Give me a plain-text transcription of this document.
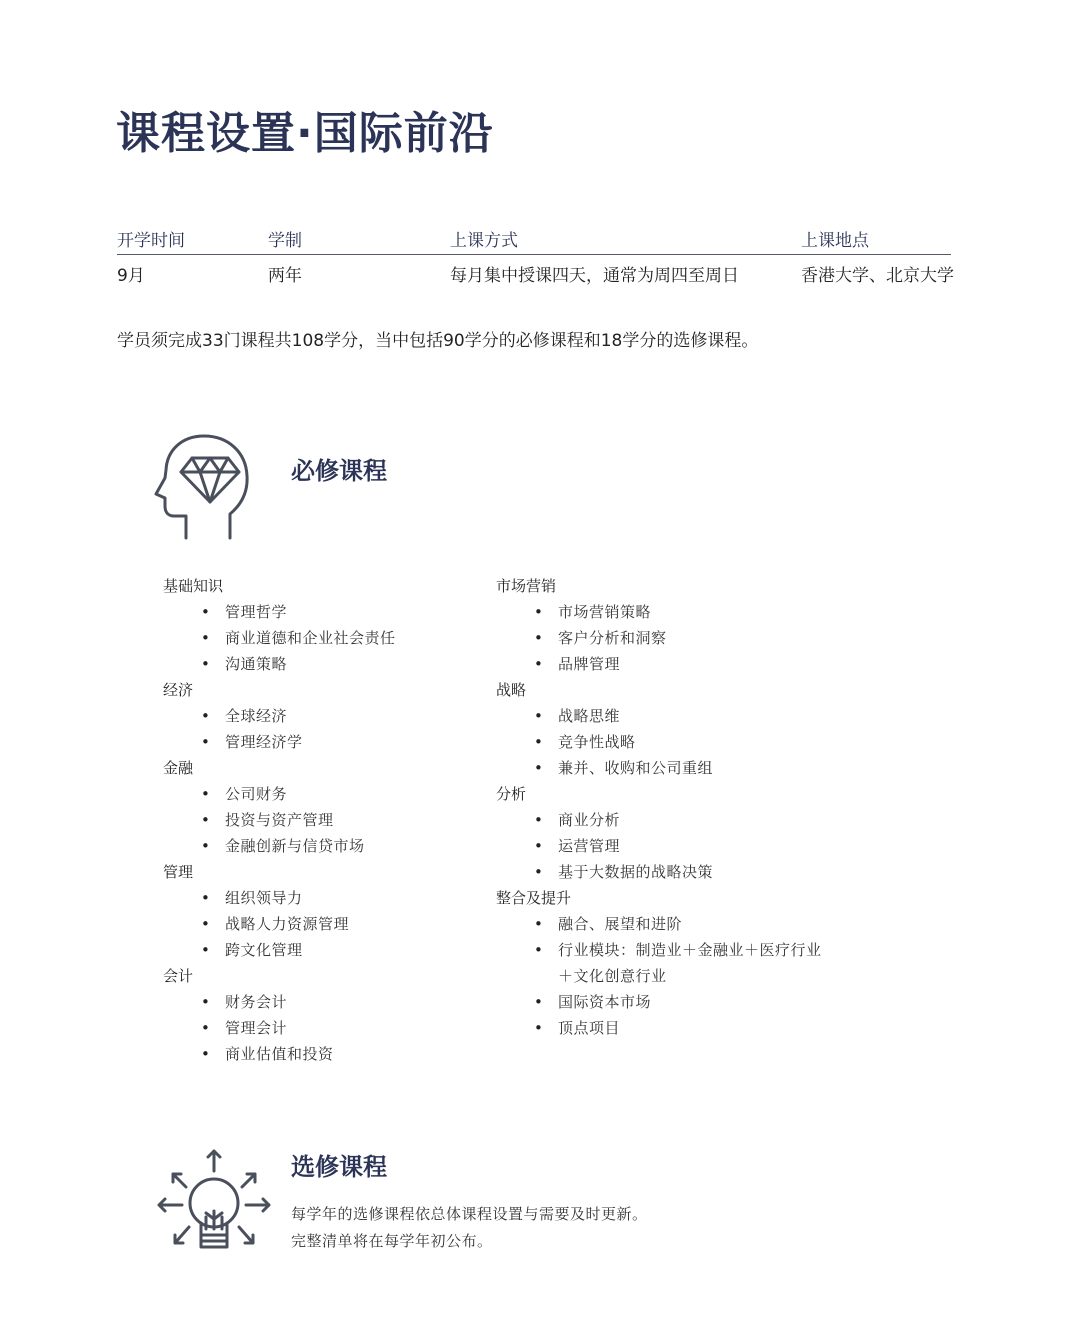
课程设置·国际前沿
开学时间	学制	上课方式	上课地点
9月	两年	每月集中授课四天，通常为周四至周日	香港大学、北京大学

学员须完成33门课程共108学分，当中包括90学分的必修课程和18学分的选修课程。

必修课程
基础知识
• 管理哲学
• 商业道德和企业社会责任
• 沟通策略
经济
• 全球经济
• 管理经济学
金融
• 公司财务
• 投资与资产管理
• 金融创新与信贷市场
管理
• 组织领导力
• 战略人力资源管理
• 跨文化管理
会计
• 财务会计
• 管理会计
• 商业估值和投资
市场营销
• 市场营销策略
• 客户分析和洞察
• 品牌管理
战略
• 战略思维
• 竞争性战略
• 兼并、收购和公司重组
分析
• 商业分析
• 运营管理
• 基于大数据的战略决策
整合及提升
• 融合、展望和进阶
• 行业模块：制造业＋金融业＋医疗行业
＋文化创意行业
• 国际资本市场
• 顶点项目
选修课程
每学年的选修课程依总体课程设置与需要及时更新。
完整清单将在每学年初公布。
